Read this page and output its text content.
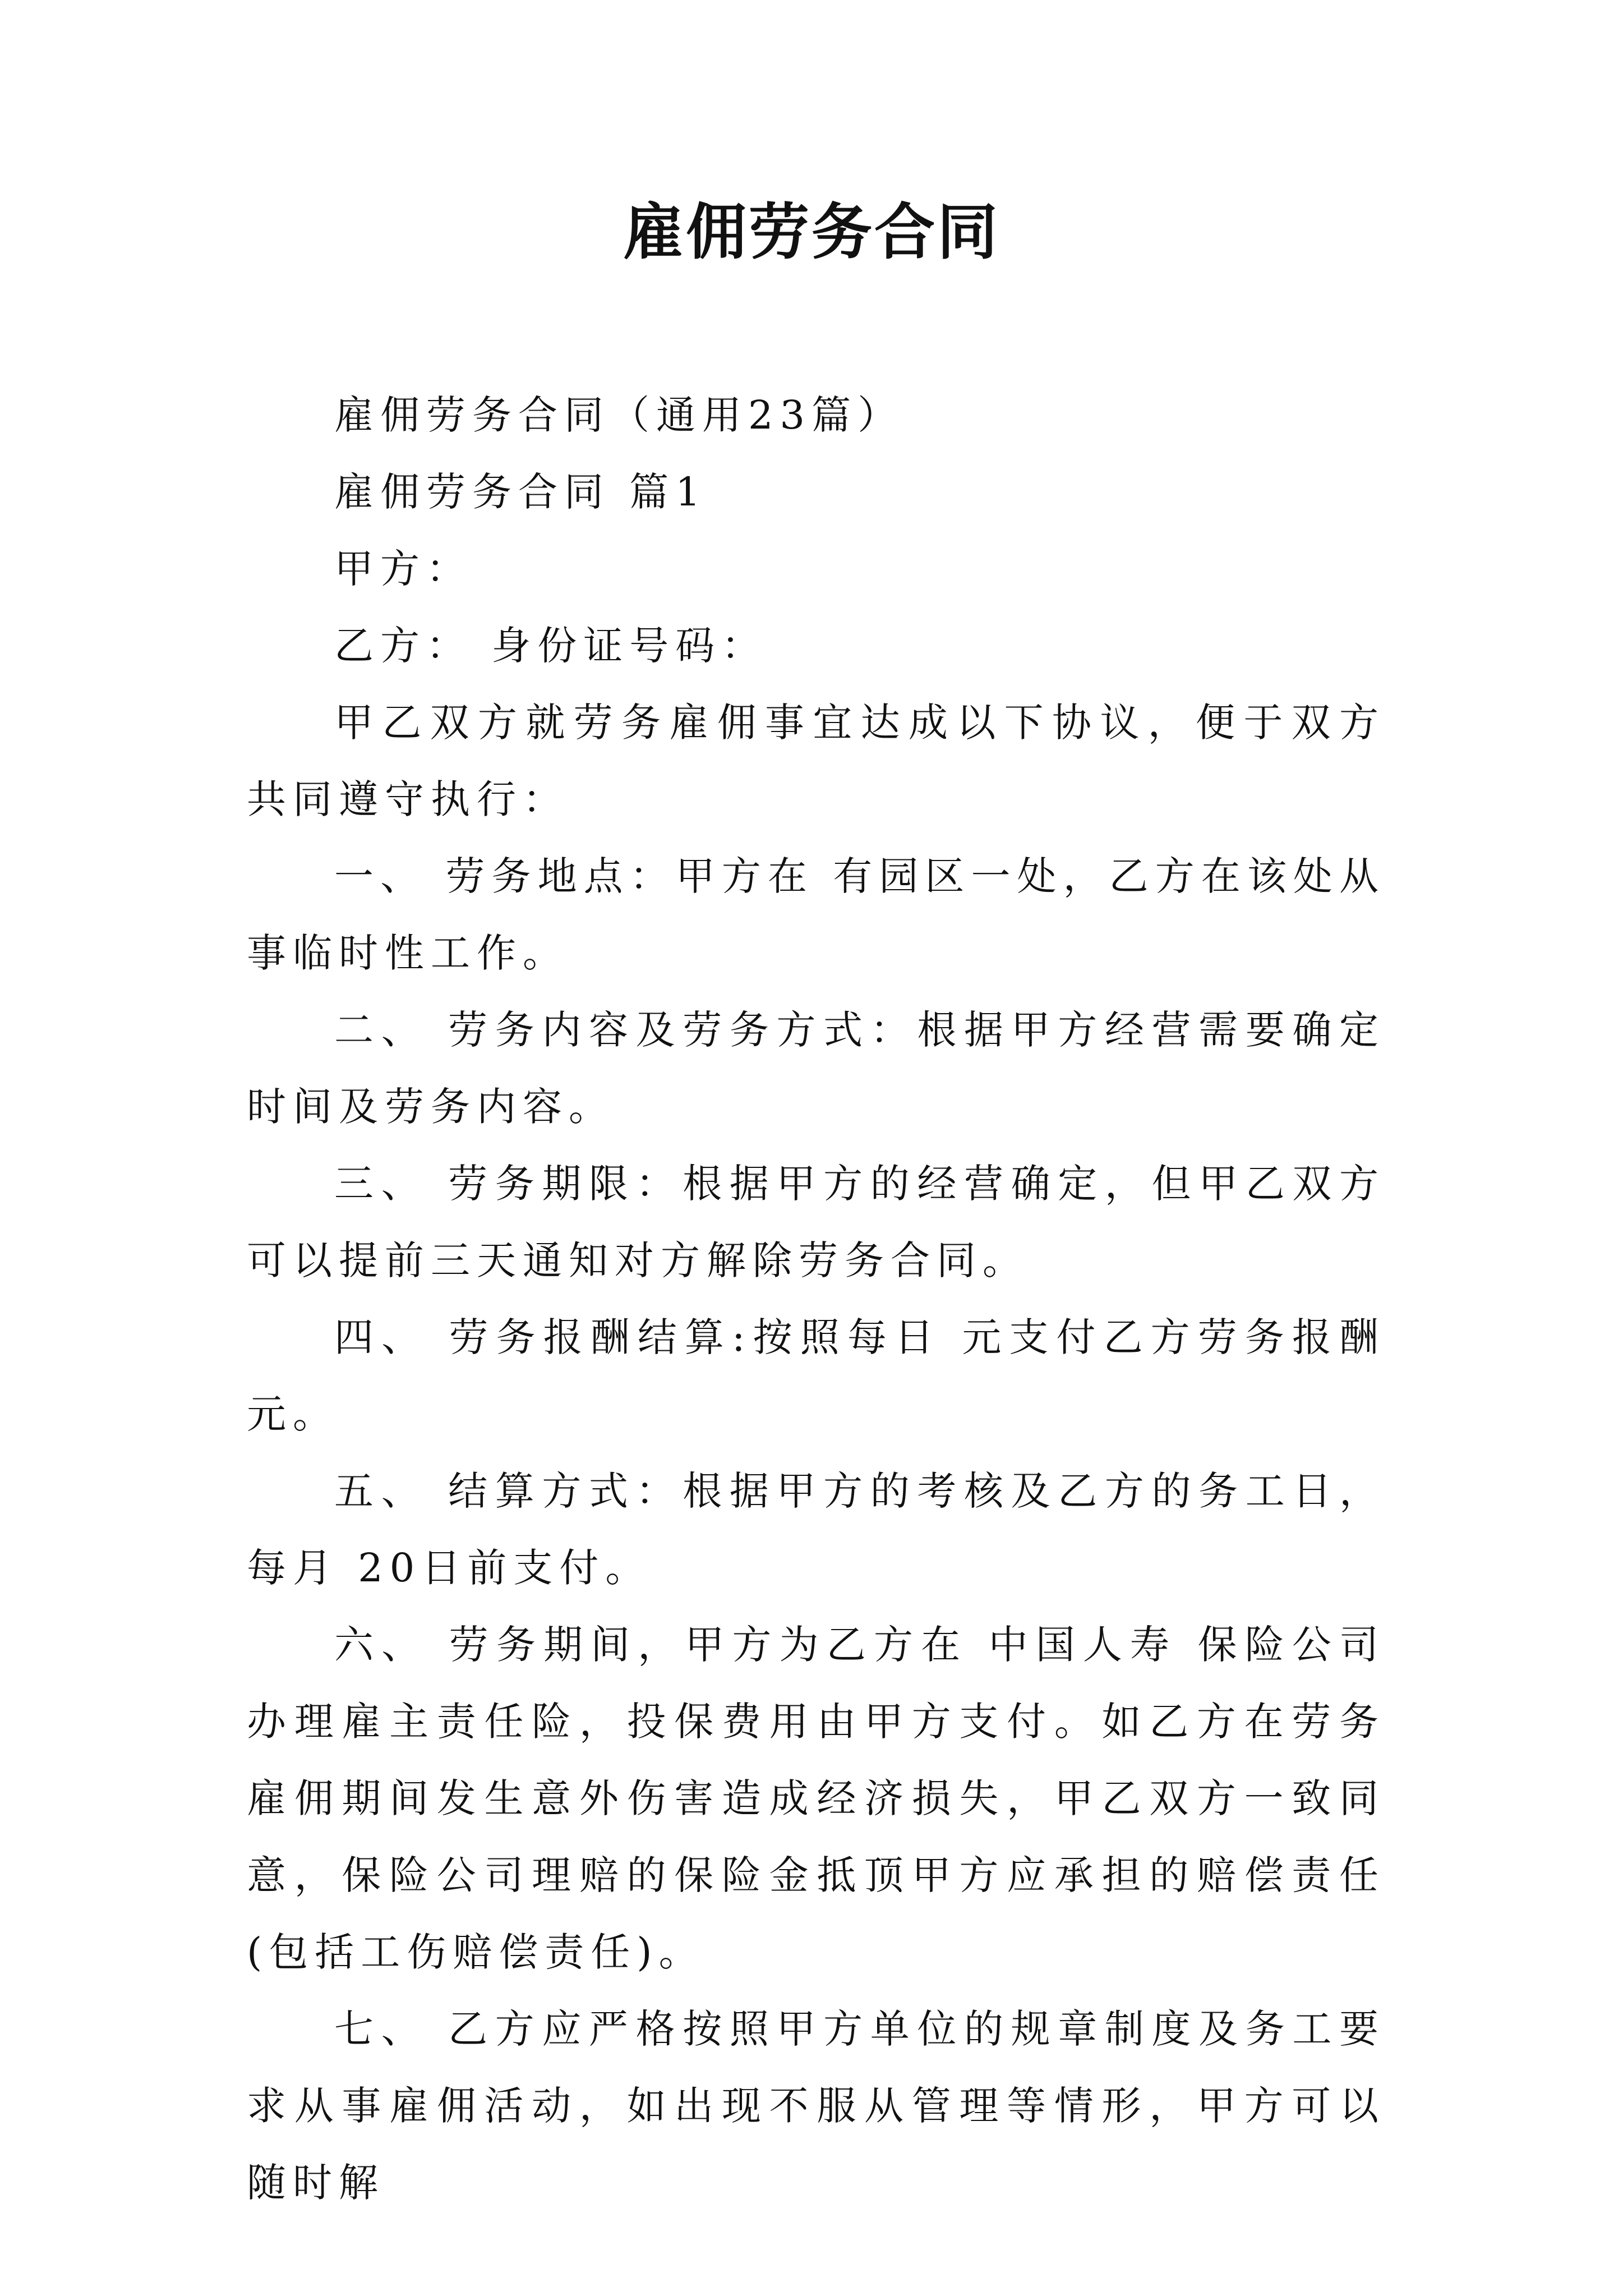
雇佣劳务合同

雇佣劳务合同（通用23篇）

雇佣劳务合同 篇1

甲方：

乙方： 身份证号码：

甲乙双方就劳务雇佣事宜达成以下协议，便于双方共同遵守执行：

一、 劳务地点：甲方在 有园区一处，乙方在该处从事临时性工作。

二、 劳务内容及劳务方式：根据甲方经营需要确定时间及劳务内容。

三、 劳务期限：根据甲方的经营确定，但甲乙双方可以提前三天通知对方解除劳务合同。

四、 劳务报酬结算:按照每日 元支付乙方劳务报酬元。

五、 结算方式：根据甲方的考核及乙方的务工日，每月 20日前支付。

六、 劳务期间，甲方为乙方在 中国人寿 保险公司办理雇主责任险，投保费用由甲方支付。如乙方在劳务雇佣期间发生意外伤害造成经济损失，甲乙双方一致同意，保险公司理赔的保险金抵顶甲方应承担的赔偿责任(包括工伤赔偿责任)。

七、 乙方应严格按照甲方单位的规章制度及务工要求从事雇佣活动，如出现不服从管理等情形，甲方可以随时解
